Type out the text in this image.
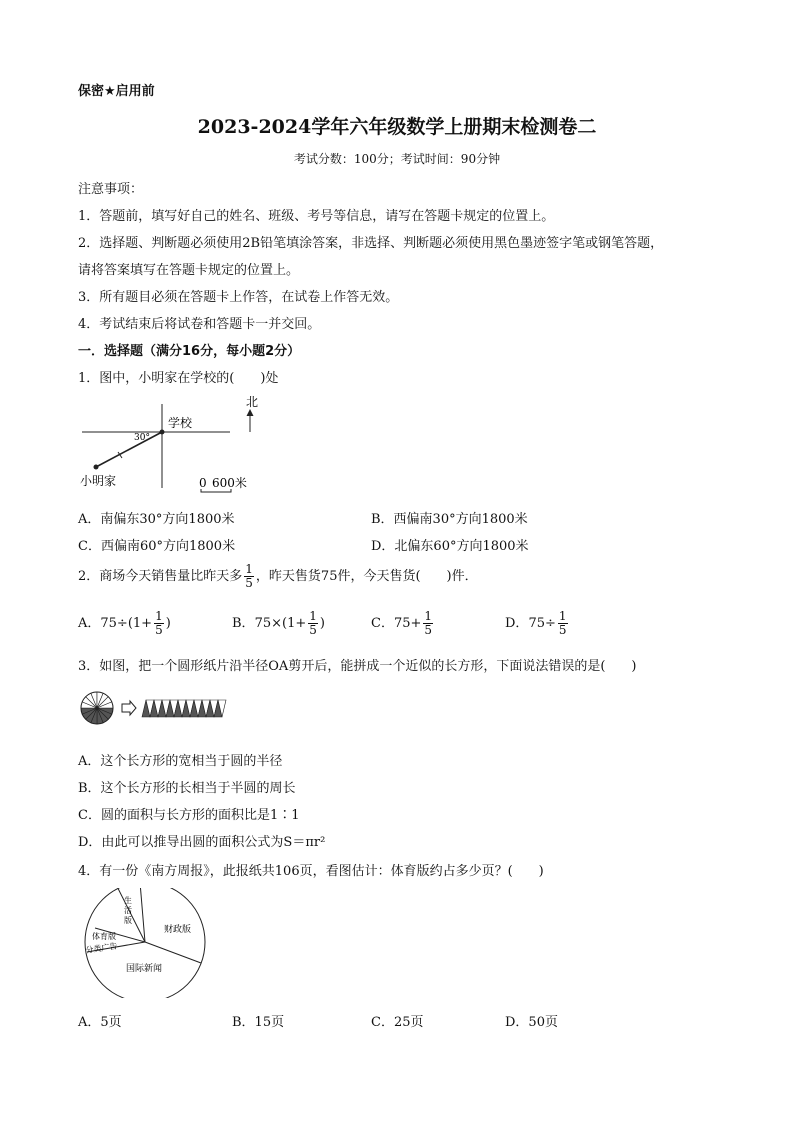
保密★启用前
2023-2024学年六年级数学上册期末检测卷二
考试分数：100分；考试时间：90分钟
注意事项：
1．答题前，填写好自己的姓名、班级、考号等信息，请写在答题卡规定的位置上。
2．选择题、判断题必须使用2B铅笔填涂答案，非选择、判断题必须使用黑色墨迹签字笔或钢笔答题，
请将答案填写在答题卡规定的位置上。
3．所有题目必须在答题卡上作答，在试卷上作答无效。
4．考试结束后将试卷和答题卡一并交回。
一．选择题（满分16分，每小题2分）
1．图中，小明家在学校的(　　)处
学校
30°
小明家
北
0 600米
A．南偏东30°方向1800米	B．西偏南30°方向1800米
C．西偏南60°方向1800米	D．北偏东60°方向1800米
2．商场今天销售量比昨天多 $\frac{1}{5}$ ，昨天售货75件，今天售货(　　)件．
A．$75\div(1+ \frac{1}{5}$ )	B．$75\times(1+ \frac{1}{5}$ )	C．$75+ \frac{1}{5}$	D．$75\div \frac{1}{5}$
3．如图，把一个圆形纸片沿半径OA剪开后，能拼成一个近似的长方形，下面说法错误的是(　　)
A．这个长方形的宽相当于圆的半径
B．这个长方形的长相当于半圆的周长
C．圆的面积与长方形的面积比是1∶1
D．由此可以推导出圆的面积公式为S＝πr²
4．有一份《南方周报》，此报纸共106页，看图估计：体育版约占多少页？(　　)
生
活
版
财政版
体育版
分类广告
国际新闻
A．5页	B．15页	C．25页	D．50页
